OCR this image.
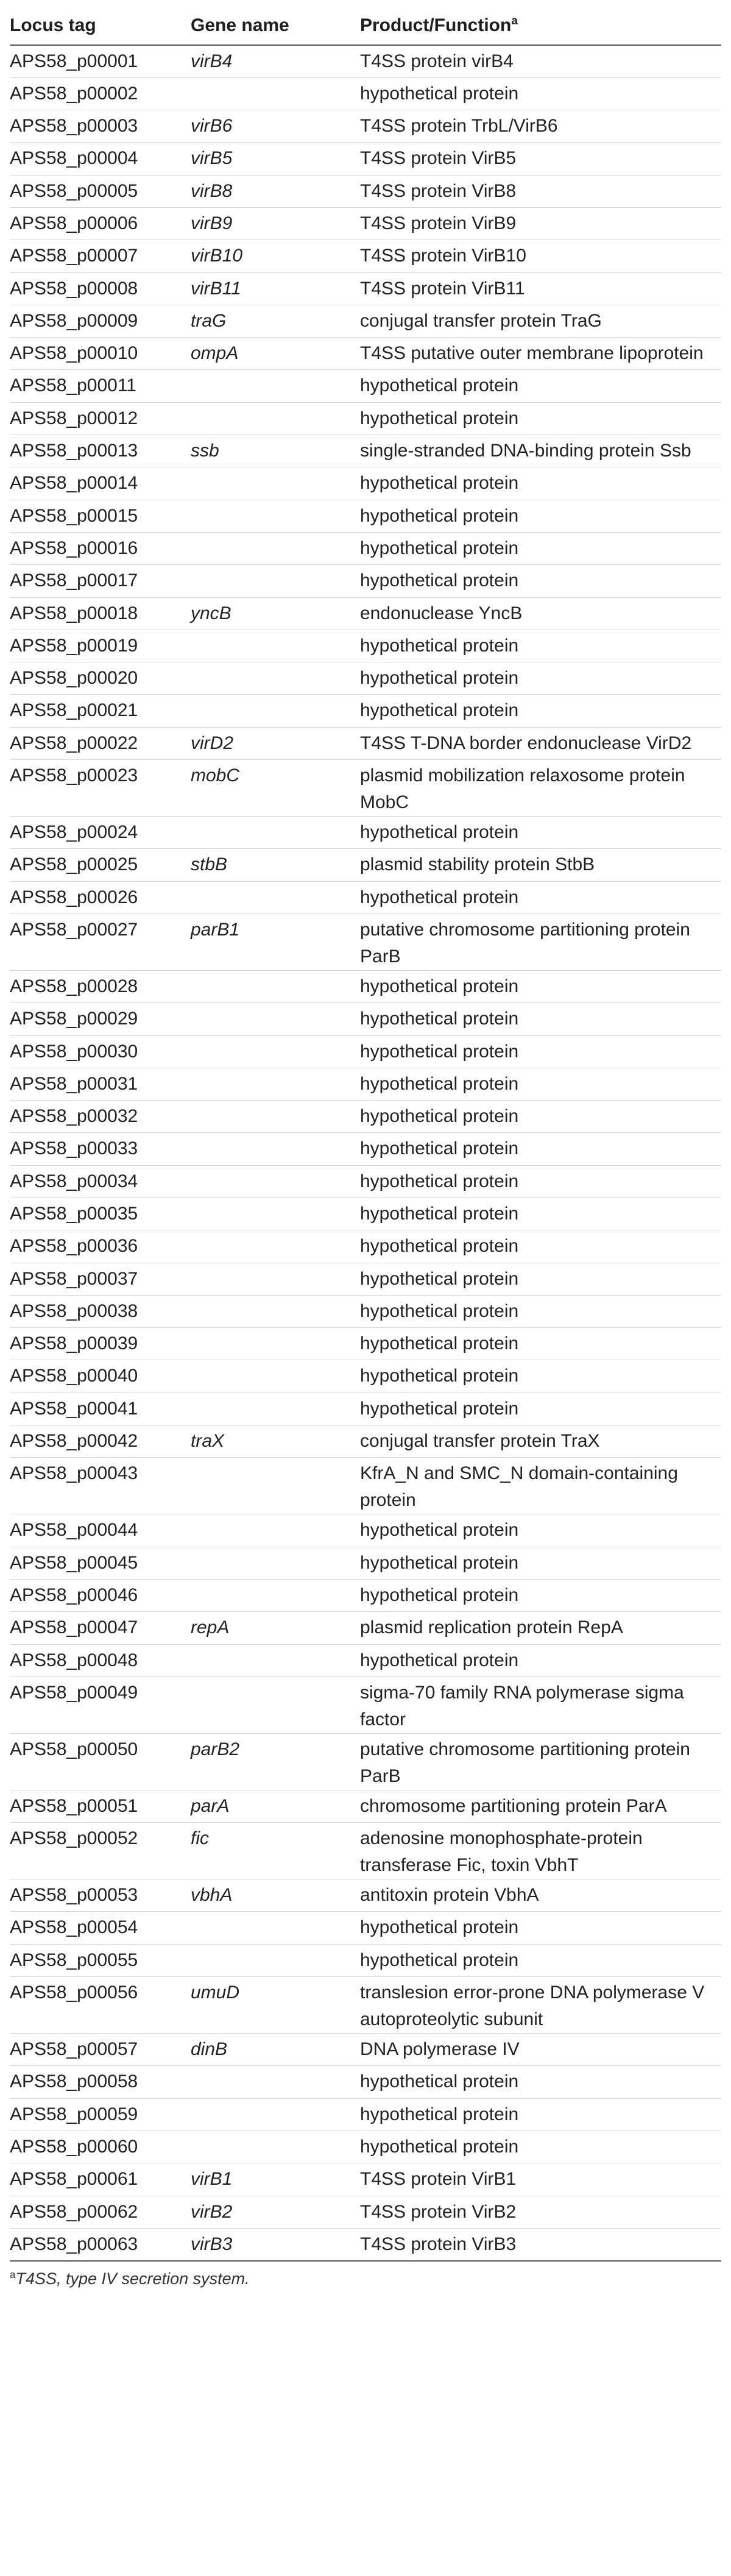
Locus tag	Gene name	Product/Function$^a$
APS58_p00001	virB4	T4SS protein virB4
APS58_p00002		hypothetical protein
APS58_p00003	virB6	T4SS protein TrbL/VirB6
APS58_p00004	virB5	T4SS protein VirB5
APS58_p00005	virB8	T4SS protein VirB8
APS58_p00006	virB9	T4SS protein VirB9
APS58_p00007	virB10	T4SS protein VirB10
APS58_p00008	virB11	T4SS protein VirB11
APS58_p00009	traG	conjugal transfer protein TraG
APS58_p00010	ompA	T4SS putative outer membrane lipoprotein
APS58_p00011		hypothetical protein
APS58_p00012		hypothetical protein
APS58_p00013	ssb	single-stranded DNA-binding protein Ssb
APS58_p00014		hypothetical protein
APS58_p00015		hypothetical protein
APS58_p00016		hypothetical protein
APS58_p00017		hypothetical protein
APS58_p00018	yncB	endonuclease YncB
APS58_p00019		hypothetical protein
APS58_p00020		hypothetical protein
APS58_p00021		hypothetical protein
APS58_p00022	virD2	T4SS T-DNA border endonuclease VirD2
APS58_p00023	mobC	plasmid mobilization relaxosome protein MobC
APS58_p00024		hypothetical protein
APS58_p00025	stbB	plasmid stability protein StbB
APS58_p00026		hypothetical protein
APS58_p00027	parB1	putative chromosome partitioning protein ParB
APS58_p00028		hypothetical protein
APS58_p00029		hypothetical protein
APS58_p00030		hypothetical protein
APS58_p00031		hypothetical protein
APS58_p00032		hypothetical protein
APS58_p00033		hypothetical protein
APS58_p00034		hypothetical protein
APS58_p00035		hypothetical protein
APS58_p00036		hypothetical protein
APS58_p00037		hypothetical protein
APS58_p00038		hypothetical protein
APS58_p00039		hypothetical protein
APS58_p00040		hypothetical protein
APS58_p00041		hypothetical protein
APS58_p00042	traX	conjugal transfer protein TraX
APS58_p00043		KfrA_N and SMC_N domain-containing protein
APS58_p00044		hypothetical protein
APS58_p00045		hypothetical protein
APS58_p00046		hypothetical protein
APS58_p00047	repA	plasmid replication protein RepA
APS58_p00048		hypothetical protein
APS58_p00049		sigma-70 family RNA polymerase sigma factor
APS58_p00050	parB2	putative chromosome partitioning protein ParB
APS58_p00051	parA	chromosome partitioning protein ParA
APS58_p00052	fic	adenosine monophosphate-protein transferase Fic, toxin VbhT
APS58_p00053	vbhA	antitoxin protein VbhA
APS58_p00054		hypothetical protein
APS58_p00055		hypothetical protein
APS58_p00056	umuD	translesion error-prone DNA polymerase V autoproteolytic subunit
APS58_p00057	dinB	DNA polymerase IV
APS58_p00058		hypothetical protein
APS58_p00059		hypothetical protein
APS58_p00060		hypothetical protein
APS58_p00061	virB1	T4SS protein VirB1
APS58_p00062	virB2	T4SS protein VirB2
APS58_p00063	virB3	T4SS protein VirB3
$^a$T4SS, type IV secretion system.
